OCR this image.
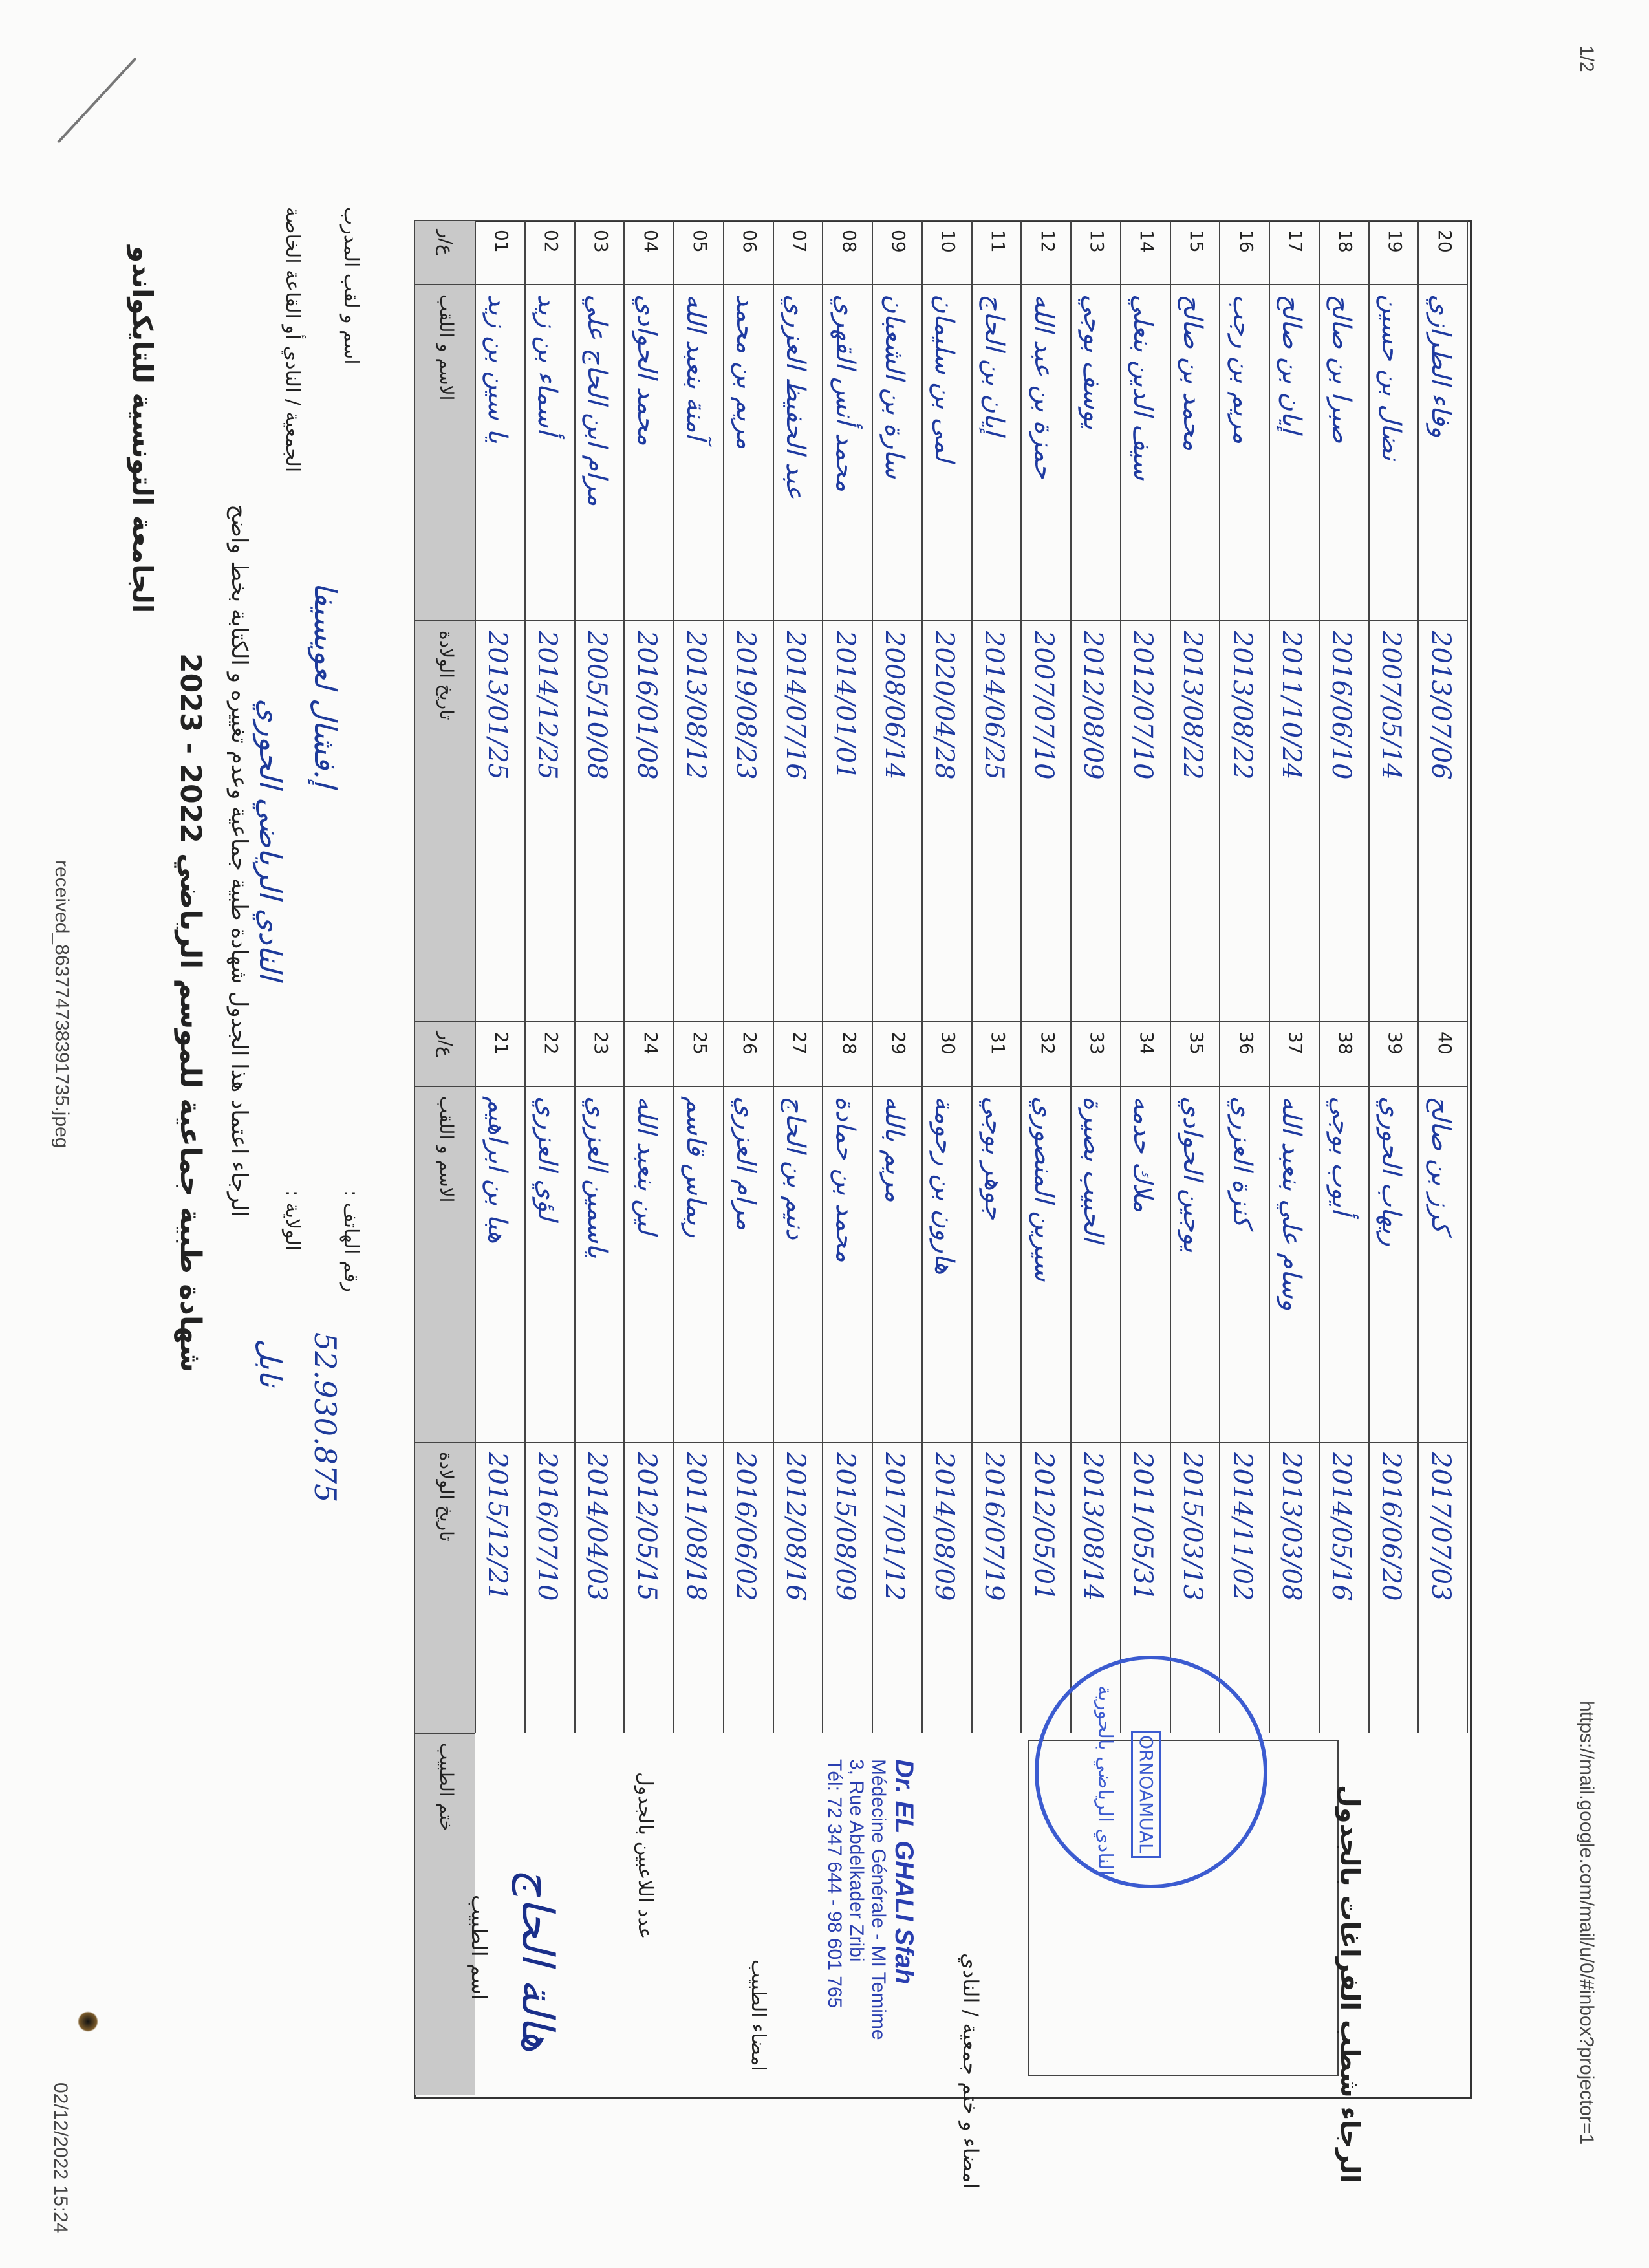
02/12/2022 15:24
received_863774738391735.jpeg
https://mail.google.com/mail/u/0/#inbox?projector=1
1/2
الجامعة التونسية للتايكواندو
شهادة طبية جماعية للموسم الرياضي 2022 - 2023 الرجاء اعتماد هذا الجدول شهادة طبية جماعية وعدم تغييره و الكتابة بخط واضح
الجمعية / النادي أو القاعة الخاصة
النادي الرياضي الحوري
الولاية :
نابل
اسم و لقب المدرب
إ.فشال لعويسيفا
رقم الهاتف :
52.930.875
ع/ر
الاسم و اللقب
تاريخ الولادة
ع/ر
الاسم و اللقب
تاريخ الولادة
ختم الطبيب
01
يا سين بن زيد
2013/01/25
21
هبا بن ابراهيم
2015/12/21
02
أسماء بن زيد
2014/12/25
22
لؤي العزري
2016/07/10
03
مرام ابن الحاج علي
2005/10/08
23
ياسمين العزري
2014/04/03
04
محمد الحوادي
2016/01/08
24
لين بنعبد الله
2012/05/15
05
آمنة بنعبد الله
2013/08/12
25
ريماس قاسم
2011/08/18
06
مريم بن محمد
2019/08/23
26
مرام العزري
2016/06/02
07
عبد الحفيظ العزري
2014/07/16
27
دنيم بن الحاج
2012/08/16
08
محمد أنس القهري
2014/01/01
28
محمد بن حمادة
2015/08/09
09
سارة بن الشعبان
2008/06/14
29
مريم بالله
2017/01/12
10
لمى بن سليمان
2020/04/28
30
هارون بن رحومة
2014/08/09
11
إيان بن الحاج
2014/06/25
31
جوهر بوجي
2016/07/19
12
حمزة بن عبد الله
2007/07/10
32
سيرين المنصوري
2012/05/01
13
يوسف بوجي
2012/08/09
33
الحبيب بصيرة
2013/08/14
14
سيف الدين بنعلي
2012/07/10
34
ملاك حدمه
2011/05/31
15
محمد بن صالح
2013/08/22
35
يوجين الحوادي
2015/03/13
16
مريم بن رجب
2013/08/22
36
كنزة العزري
2014/11/02
17
إيان بن صالح
2011/10/24
37
وسام علي بنعبد الله
2013/03/08
18
صبرا بن صالح
2016/06/10
38
أيوب بوجي
2014/05/16
19
نضال بن حسين
2007/05/14
39
ريهاب الحوري
2016/06/20
20
وفاء الطرازي
2013/07/06
40
كرز بن صالح
2017/07/03
اسم الطبيب هالة الحاج
عدد اللاعبين بالجدول
امضاء الطبيب
Dr. EL GHALI Sfah
Médecine Générale - MI Temime
3, Rue Abdelkader Zribi
Tél: 72 347 644 - 98 601 765
امضاء و ختم جمعية / النادي
النادي الرياضي بالحورية ORNOAMUAL	الرجاء شطب الفراغات بالجدول
